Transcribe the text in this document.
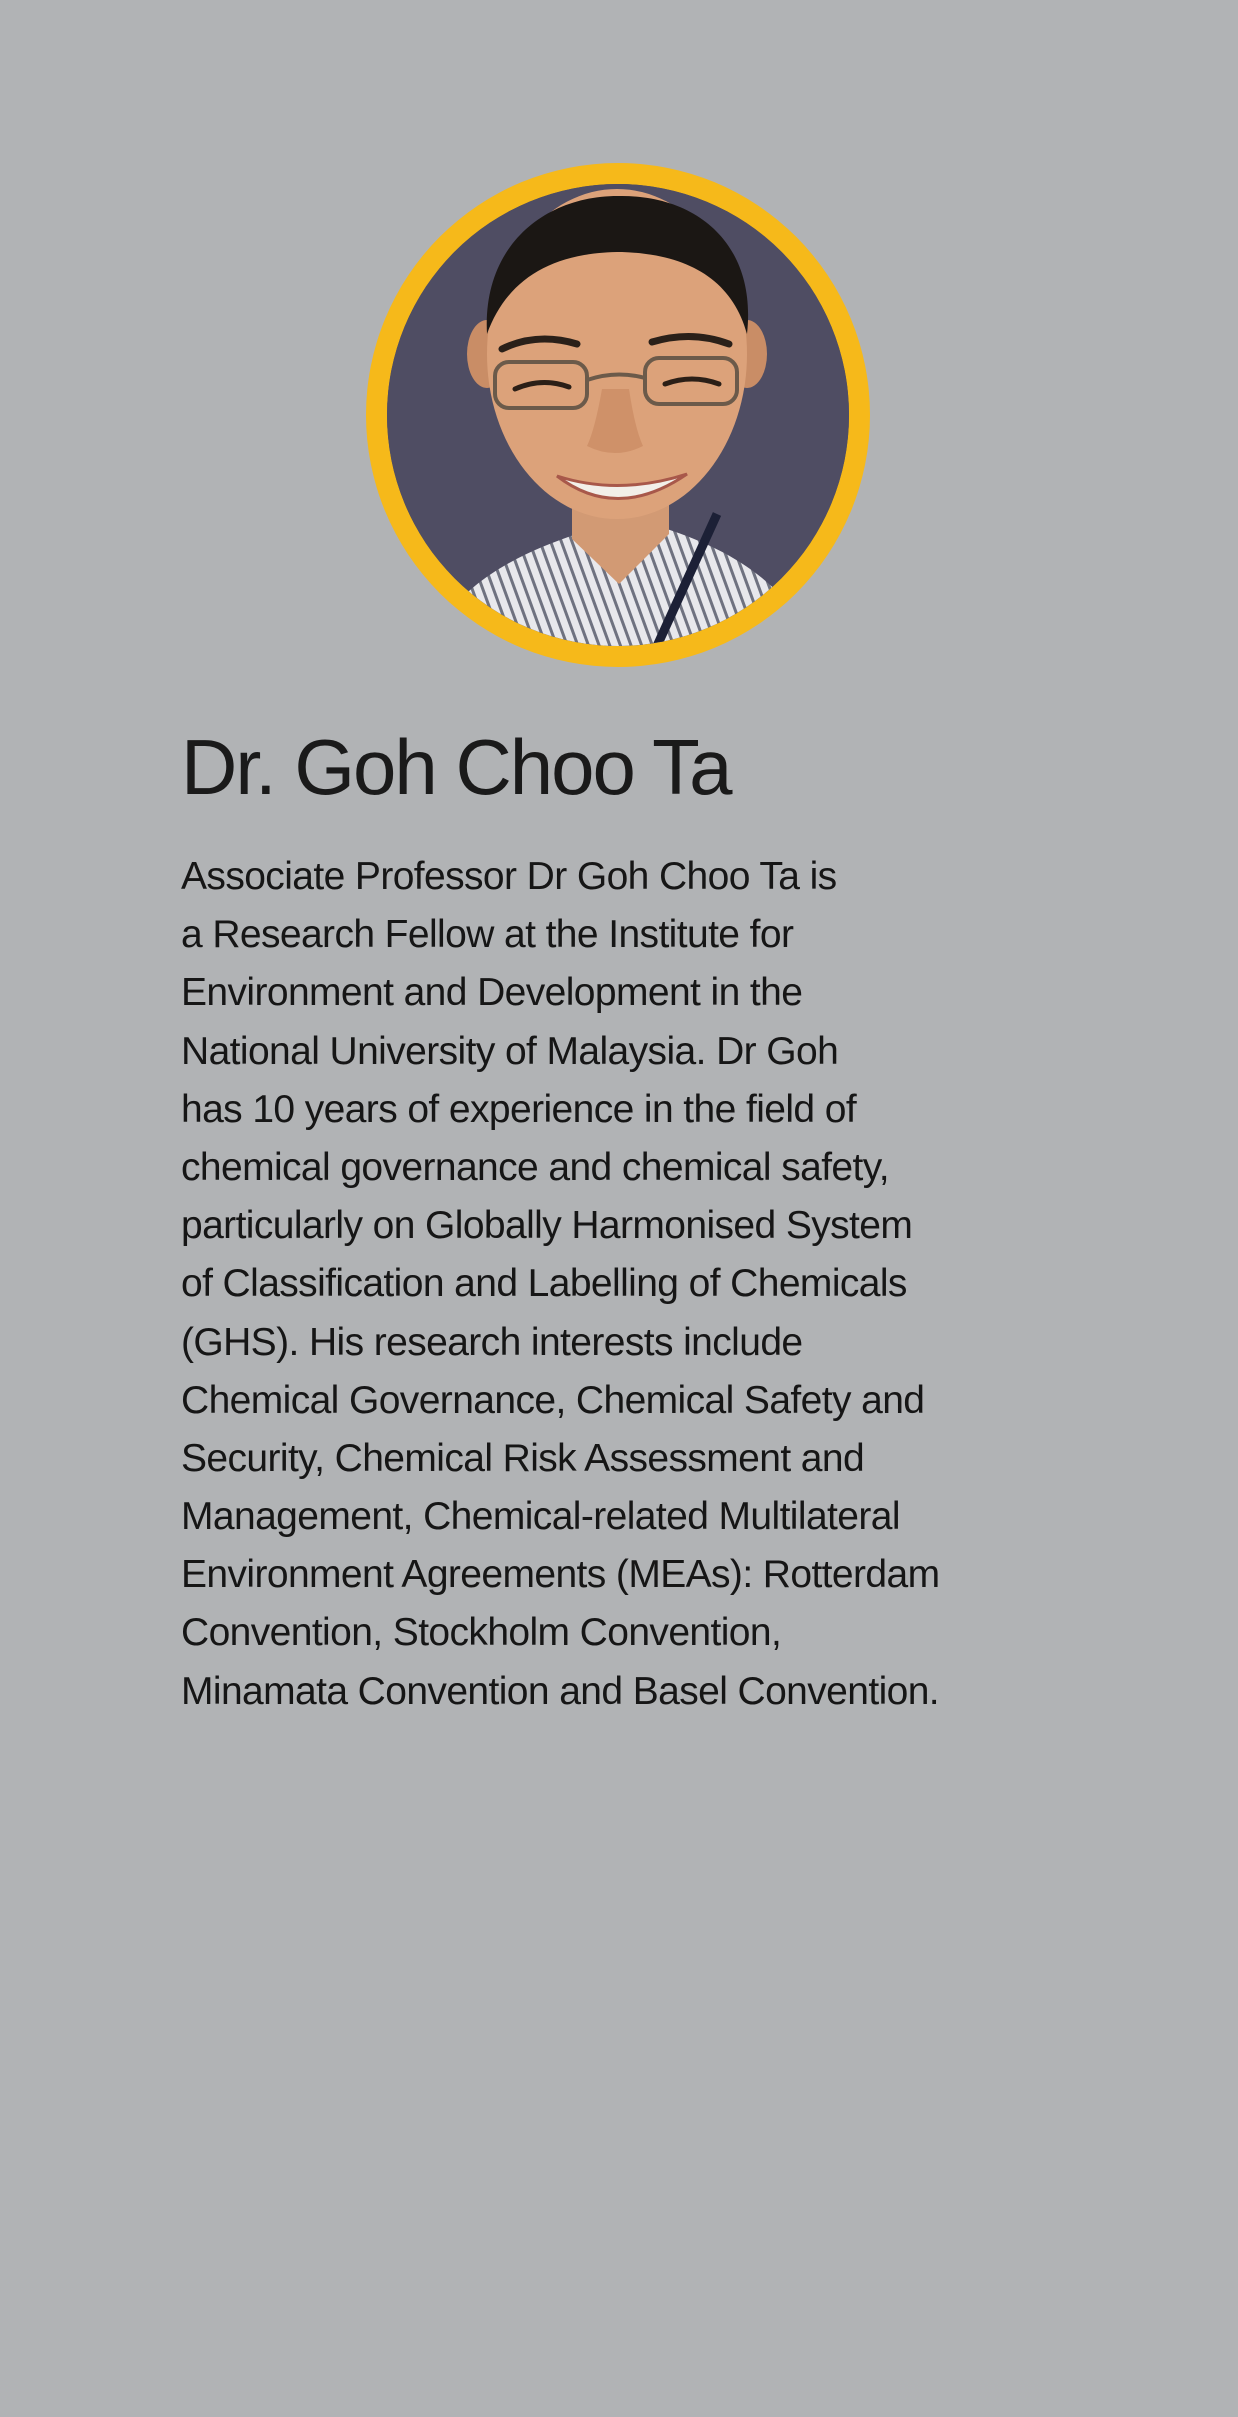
Dr. Goh Choo Ta
Associate Professor Dr Goh Choo Ta is
a Research Fellow at the Institute for
Environment and Development in the
National University of Malaysia. Dr Goh
has 10 years of experience in the field of
chemical governance and chemical safety,
particularly on Globally Harmonised System
of Classification and Labelling of Chemicals
(GHS). His research interests include
Chemical Governance, Chemical Safety and
Security, Chemical Risk Assessment and
Management, Chemical-related Multilateral
Environment Agreements (MEAs): Rotterdam
Convention, Stockholm Convention,
Minamata Convention and Basel Convention.
